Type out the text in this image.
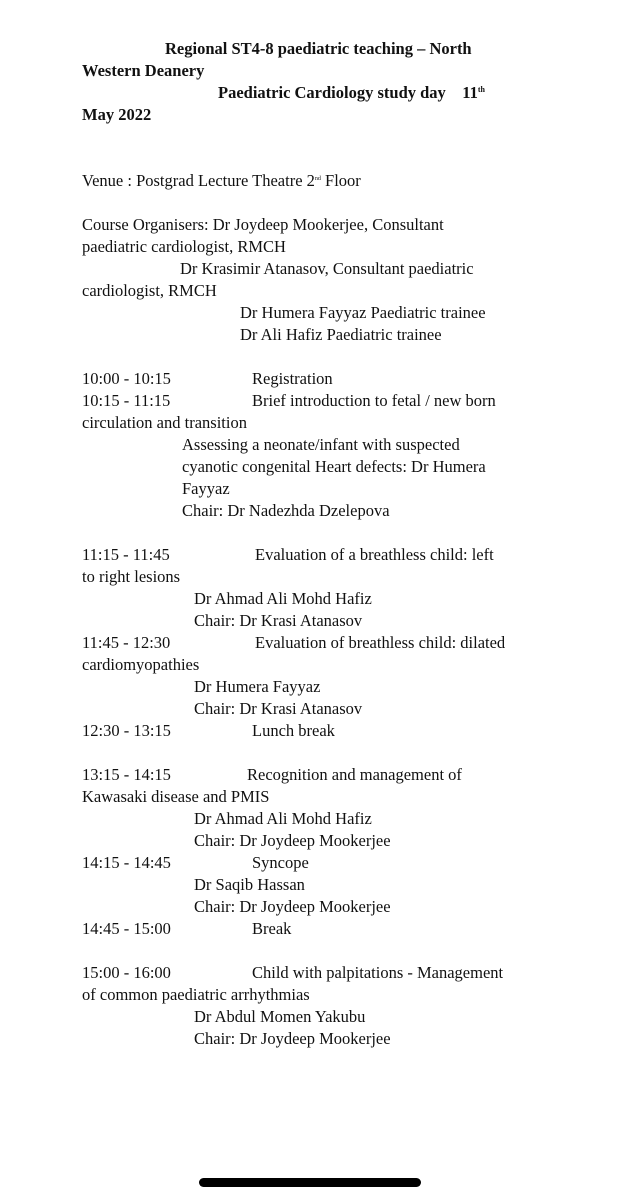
Regional ST4-8 paediatric teaching – North
Western Deanery
Paediatric Cardiology study day    11th
May 2022
Venue : Postgrad Lecture Theatre 2nd Floor
Course Organisers: Dr Joydeep Mookerjee, Consultant
paediatric cardiologist, RMCH
Dr Krasimir Atanasov, Consultant paediatric
cardiologist, RMCH
Dr Humera Fayyaz Paediatric trainee
Dr Ali Hafiz Paediatric trainee
10:00 - 10:15	Registration
10:15 - 11:15	Brief introduction to fetal / new born
circulation and transition
Assessing a neonate/infant with suspected
cyanotic congenital Heart defects: Dr Humera
Fayyaz
Chair: Dr Nadezhda Dzelepova
11:15 - 11:45	Evaluation of a breathless child: left
to right lesions
Dr Ahmad Ali Mohd Hafiz
Chair: Dr Krasi Atanasov
11:45 - 12:30	Evaluation of breathless child: dilated
cardiomyopathies
Dr Humera Fayyaz
Chair: Dr Krasi Atanasov
12:30 - 13:15	Lunch break
13:15 - 14:15	Recognition and management of
Kawasaki disease and PMIS
Dr Ahmad Ali Mohd Hafiz
Chair: Dr Joydeep Mookerjee
14:15 - 14:45	Syncope
Dr Saqib Hassan
Chair: Dr Joydeep Mookerjee
14:45 - 15:00	Break
15:00 - 16:00	Child with palpitations - Management
of common paediatric arrhythmias
Dr Abdul Momen Yakubu
Chair: Dr Joydeep Mookerjee
